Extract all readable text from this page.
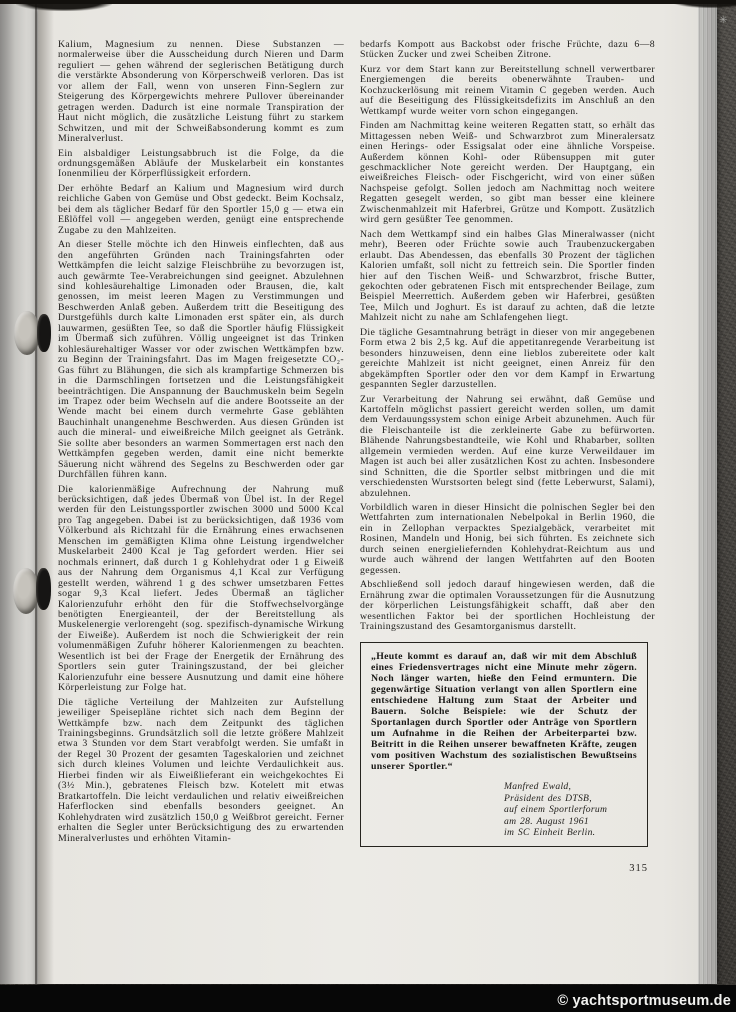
Kalium, Magnesium zu nennen. Diese Substanzen — normalerweise über die Ausscheidung durch Nieren und Darm reguliert — gehen während der seglerischen Betätigung durch die verstärkte Absonderung von Körperschweiß verloren. Das ist vor allem der Fall, wenn von unseren Finn-Seglern zur Steigerung des Körpergewichts mehrere Pullover übereinander getragen werden. Dadurch ist eine normale Transpiration der Haut nicht möglich, die zusätzliche Leistung führt zu starkem Schwitzen, und mit der Schweißabsonderung kommt es zum Mineralverlust.

Ein alsbaldiger Leistungsabbruch ist die Folge, da die ordnungsgemäßen Abläufe der Muskelarbeit ein konstantes Ionenmilieu der Körperflüssigkeit erfordern.

Der erhöhte Bedarf an Kalium und Magnesium wird durch reichliche Gaben von Gemüse und Obst gedeckt. Beim Kochsalz, bei dem als täglicher Bedarf für den Sportler 15,0 g — etwa ein Eßlöffel voll — angegeben werden, genügt eine entsprechende Zugabe zu den Mahlzeiten.

An dieser Stelle möchte ich den Hinweis einflechten, daß aus den angeführten Gründen nach Trainingsfahrten oder Wettkämpfen die leicht salzige Fleischbrühe zu bevorzugen ist, auch gewärmte Tee-Verabreichungen sind geeignet. Abzulehnen sind kohlesäurehaltige Limonaden oder Brausen, die, kalt genossen, im meist leeren Magen zu Verstimmungen und Beschwerden Anlaß geben. Außerdem tritt die Beseitigung des Durstgefühls durch kalte Limonaden erst später ein, als durch lauwarmen, gesüßten Tee, so daß die Sportler häufig Flüssigkeit im Übermaß sich zuführen. Völlig ungeeignet ist das Trinken kohlesäurehaltiger Wasser vor oder zwischen Wettkämpfen bzw. zu Beginn der Trainingsfahrt. Das im Magen freigesetzte CO₂-Gas führt zu Blähungen, die sich als krampfartige Schmerzen bis in die Darmschlingen fortsetzen und die Leistungsfähigkeit beeinträchtigen. Die Anspannung der Bauchmuskeln beim Segeln im Trapez oder beim Wechseln auf die andere Bootsseite an der Wende macht bei einem durch vermehrte Gase geblähten Bauchinhalt unangenehme Beschwerden. Aus diesen Gründen ist auch die mineral- und eiweißreiche Milch geeignet als Getränk. Sie sollte aber besonders an warmen Sommertagen erst nach den Wettkämpfen gegeben werden, damit eine nicht bemerkte Säuerung nicht während des Segelns zu Beschwerden oder gar Durchfällen führen kann.

Die kalorienmäßige Aufrechnung der Nahrung muß berücksichtigen, daß jedes Übermaß von Übel ist. In der Regel werden für den Leistungssportler zwischen 3000 und 5000 Kcal pro Tag angegeben. Dabei ist zu berücksichtigen, daß 1936 vom Völkerbund als Richtzahl für die Ernährung eines erwachsenen Menschen im gemäßigten Klima ohne Leistung irgendwelcher Muskelarbeit 2400 Kcal je Tag gefordert werden. Hier sei nochmals erinnert, daß durch 1 g Kohlehydrat oder 1 g Eiweiß aus der Nahrung dem Organismus 4,1 Kcal zur Verfügung gestellt werden, während 1 g des schwer umsetzbaren Fettes sogar 9,3 Kcal liefert. Jedes Übermaß an täglicher Kalorienzufuhr erhöht den für die Stoffwechselvorgänge benötigten Energieanteil, der der Bereitstellung als Muskelenergie verlorengeht (sog. spezifisch-dynamische Wirkung der Eiweiße). Außerdem ist noch die Schwierigkeit der rein volumenmäßigen Zufuhr höherer Kalorienmengen zu beachten. Wesentlich ist bei der Frage der Energetik der Ernährung des Sportlers sein guter Trainingszustand, der bei gleicher Kalorienzufuhr eine bessere Ausnutzung und damit eine höhere Körperleistung zur Folge hat.

Die tägliche Verteilung der Mahlzeiten zur Aufstellung jeweiliger Speisepläne richtet sich nach dem Beginn der Wettkämpfe bzw. nach dem Zeitpunkt des täglichen Trainingsbeginns. Grundsätzlich soll die letzte größere Mahlzeit etwa 3 Stunden vor dem Start verabfolgt werden. Sie umfaßt in der Regel 30 Prozent der gesamten Tageskalorien und zeichnet sich durch kleines Volumen und leichte Verdaulichkeit aus. Hierbei finden wir als Eiweißlieferant ein weichgekochtes Ei (3½ Min.), gebratenes Fleisch bzw. Kotelett mit etwas Bratkartoffeln. Die leicht verdaulichen und relativ eiweißreichen Haferflocken sind ebenfalls besonders geeignet. An Kohlehydraten wird zusätzlich 150,0 g Weißbrot gereicht. Ferner erhalten die Segler unter Berücksichtigung des zu erwartenden Mineralverlustes und erhöhten Vitamin-

bedarfs Kompott aus Backobst oder frische Früchte, dazu 6—8 Stücken Zucker und zwei Scheiben Zitrone.

Kurz vor dem Start kann zur Bereitstellung schnell verwertbarer Energiemengen die bereits obenerwähnte Trauben- und Kochzuckerlösung mit reinem Vitamin C gegeben werden. Auch auf die Beseitigung des Flüssigkeitsdefizits im Anschluß an den Wettkampf wurde weiter vorn schon eingegangen.

Finden am Nachmittag keine weiteren Regatten statt, so erhält das Mittagessen neben Weiß- und Schwarzbrot zum Mineralersatz einen Herings- oder Essigsalat oder eine ähnliche Vorspeise. Außerdem können Kohl- oder Rübensuppen mit guter geschmacklicher Note gereicht werden. Der Hauptgang, ein eiweißreiches Fleisch- oder Fischgericht, wird von einer süßen Nachspeise gefolgt. Sollen jedoch am Nachmittag noch weitere Regatten gesegelt werden, so gibt man besser eine kleinere Zwischenmahlzeit mit Haferbrei, Grütze und Kompott. Zusätzlich wird gern gesüßter Tee genommen.

Nach dem Wettkampf sind ein halbes Glas Mineralwasser (nicht mehr), Beeren oder Früchte sowie auch Traubenzuckergaben erlaubt. Das Abendessen, das ebenfalls 30 Prozent der täglichen Kalorien umfaßt, soll nicht zu fettreich sein. Die Sportler finden hier auf den Tischen Weiß- und Schwarzbrot, frische Butter, gekochten oder gebratenen Fisch mit entsprechender Beilage, zum Beispiel Meerrettich. Außerdem geben wir Haferbrei, gesüßten Tee, Milch und Joghurt. Es ist darauf zu achten, daß die letzte Mahlzeit nicht zu nahe am Schlafengehen liegt.

Die tägliche Gesamtnahrung beträgt in dieser von mir angegebenen Form etwa 2 bis 2,5 kg. Auf die appetitanregende Verarbeitung ist besonders hinzuweisen, denn eine lieblos zubereitete oder kalt gereichte Mahlzeit ist nicht geeignet, einen Anreiz für den abgekämpften Sportler oder den vor dem Kampf in Erwartung gespannten Segler darzustellen.

Zur Verarbeitung der Nahrung sei erwähnt, daß Gemüse und Kartoffeln möglichst passiert gereicht werden sollen, um damit dem Verdauungssystem schon einige Arbeit abzunehmen. Auch für die Fleischanteile ist die zerkleinerte Gabe zu befürworten. Blähende Nahrungsbestandteile, wie Kohl und Rhabarber, sollten allgemein vermieden werden. Auf eine kurze Verweildauer im Magen ist auch bei aller zusätzlichen Kost zu achten. Insbesondere sind Schnitten, die die Sportler selbst mitbringen und die mit verschiedensten Wurstsorten belegt sind (fette Leberwurst, Salami), abzulehnen.

Vorbildlich waren in dieser Hinsicht die polnischen Segler bei den Wettfahrten zum internationalen Nebelpokal in Berlin 1960, die ein in Zellophan verpacktes Spezialgebäck, verarbeitet mit Rosinen, Mandeln und Honig, bei sich führten. Es zeichnete sich durch seinen energieliefernden Kohlehydrat-Reichtum aus und wurde auch während der langen Wettfahrten auf den Booten gegessen.

Abschließend soll jedoch darauf hingewiesen werden, daß die Ernährung zwar die optimalen Voraussetzungen für die Ausnutzung der körperlichen Leistungsfähigkeit schafft, daß aber den wesentlichen Faktor bei der sportlichen Hochleistung der Trainingszustand des Gesamtorganismus darstellt.

„Heute kommt es darauf an, daß wir mit dem Abschluß eines Friedensvertrages nicht eine Minute mehr zögern. Noch länger warten, hieße den Feind ermuntern. Die gegenwärtige Situation verlangt von allen Sportlern eine entschiedene Haltung zum Staat der Arbeiter und Bauern. Solche Beispiele: wie der Schutz der Sportanlagen durch Sportler oder Anträge von Sportlern um Aufnahme in die Reihen der Arbeiterpartei bzw. Beitritt in die Reihen unserer bewaffneten Kräfte, zeugen vom positiven Wachstum des sozialistischen Bewußtseins unserer Sportler.“
Manfred Ewald,
Präsident des DTSB,
auf einem Sportlerforum
am 28. August 1961
im SC Einheit Berlin.
315
✳
© yachtsportmuseum.de
